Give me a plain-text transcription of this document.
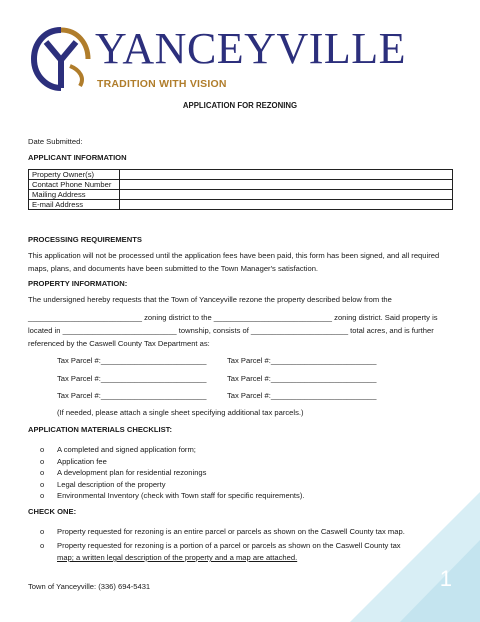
YANCEYVILLE
TRADITION WITH VISION
APPLICATION FOR REZONING
Date Submitted:
APPLICANT INFORMATION
Property Owner(s)	
Contact Phone Number	
Mailing Address	
E-mail Address	
PROCESSING REQUIREMENTS
This application will not be processed until the application fees have been paid, this form has been signed, and all required maps, plans, and documents have been submitted to the Town Manager's satisfaction.
PROPERTY INFORMATION:
The undersigned hereby requests that the Town of Yanceyville rezone the property described below from the
___________________________ zoning district to the ____________________________ zoning district. Said property is
located in ___________________________ township, consists of _______________________ total acres, and is further
referenced by the Caswell County Tax Department as:
Tax Parcel #:_________________________	Tax Parcel #:_________________________
Tax Parcel #:_________________________	Tax Parcel #:_________________________
Tax Parcel #:_________________________	Tax Parcel #:_________________________
(If needed, please attach a single sheet specifying additional tax parcels.)
APPLICATION MATERIALS CHECKLIST:
o A completed and signed application form;
o Application fee
o A development plan for residential rezonings
o Legal description of the property
o Environmental Inventory (check with Town staff for specific requirements).
CHECK ONE:
o Property requested for rezoning is an entire parcel or parcels as shown on the Caswell County tax map.
o Property requested for rezoning is a portion of a parcel or parcels as shown on the Caswell County tax
map; a written legal description of the property and a map are attached.
Town of Yanceyville: (336) 694-5431	1
